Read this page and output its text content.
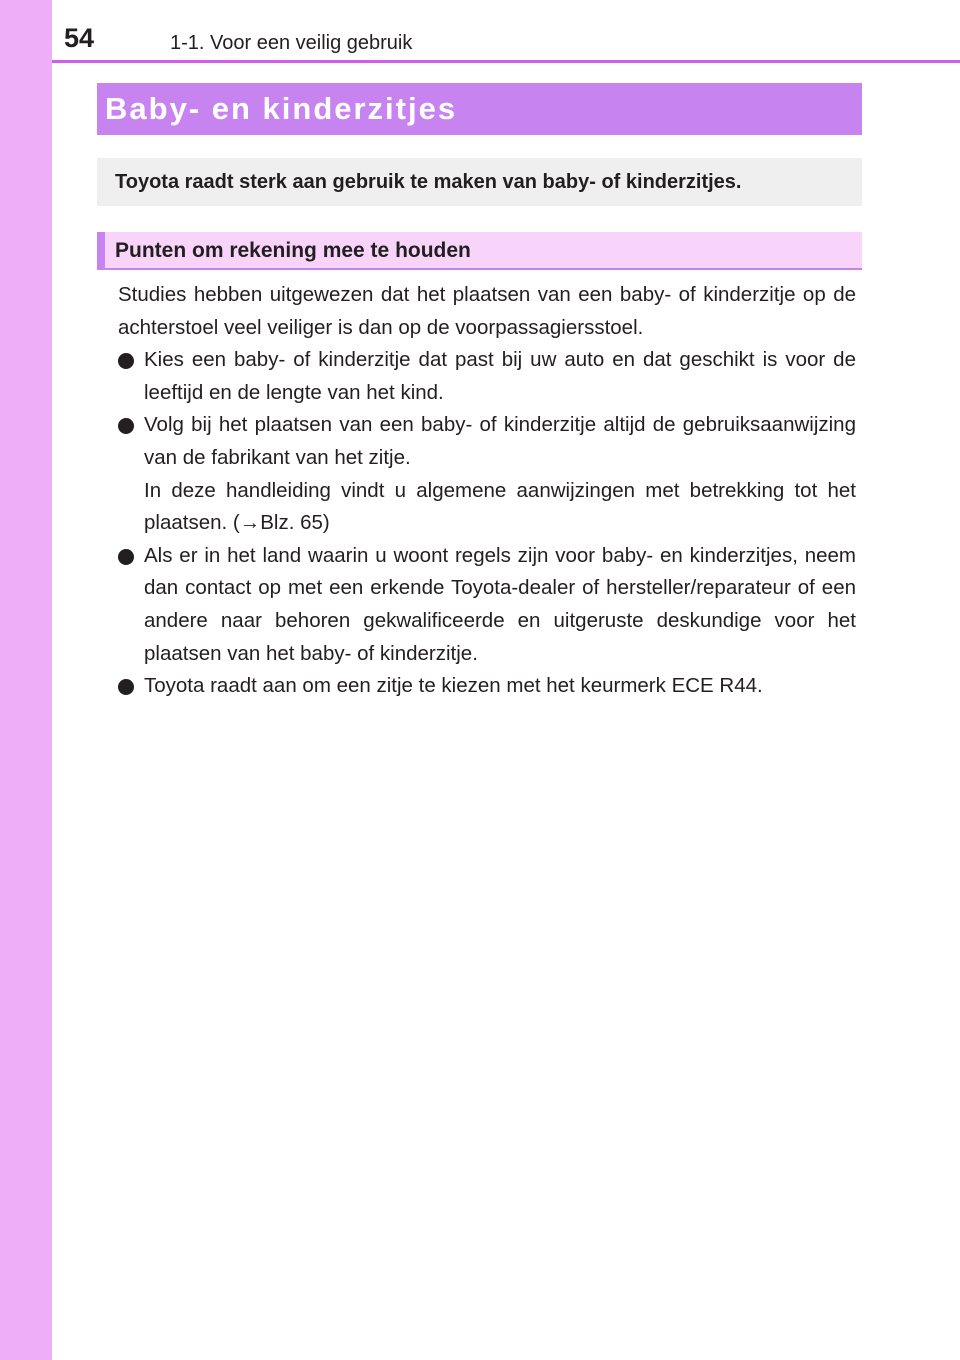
54	1-1. Voor een veilig gebruik
Baby- en kinderzitjes
Toyota raadt sterk aan gebruik te maken van baby- of kinderzitjes.
Punten om rekening mee te houden

Studies hebben uitgewezen dat het plaatsen van een baby- of kinderzitje op de achterstoel veel veiliger is dan op de voorpassagiersstoel.

Kies een baby- of kinderzitje dat past bij uw auto en dat geschikt is voor de leeftijd en de lengte van het kind.

Volg bij het plaatsen van een baby- of kinderzitje altijd de gebruiksaanwijzing van de fabrikant van het zitje.

In deze handleiding vindt u algemene aanwijzingen met betrekking tot het plaatsen. (→Blz. 65)

Als er in het land waarin u woont regels zijn voor baby- en kinderzitjes, neem dan contact op met een erkende Toyota-dealer of hersteller/reparateur of een andere naar behoren gekwalificeerde en uitgeruste deskundige voor het plaatsen van het baby- of kinderzitje.

Toyota raadt aan om een zitje te kiezen met het keurmerk ECE R44.
